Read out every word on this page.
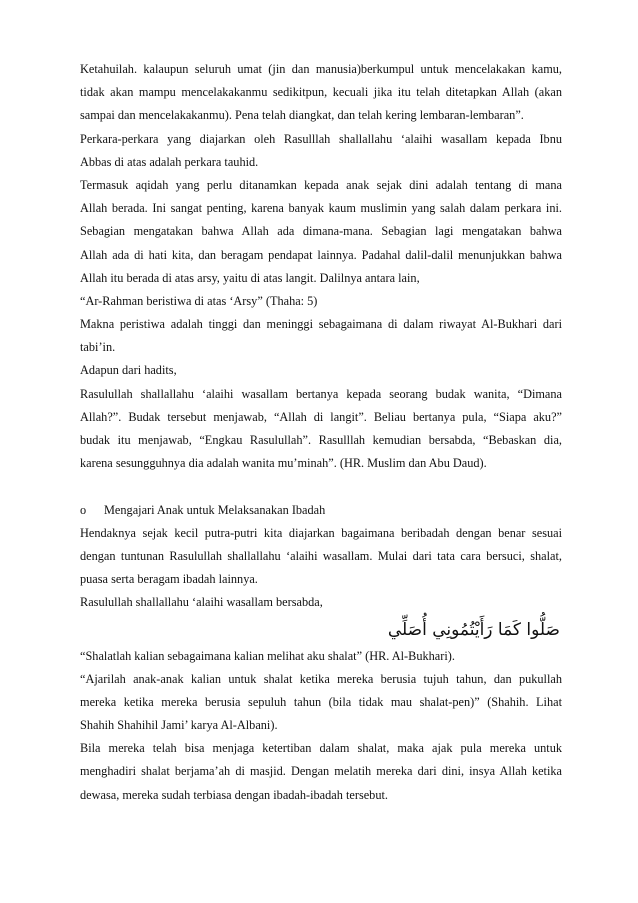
Ketahuilah. kalaupun seluruh umat (jin dan manusia)berkumpul untuk mencelakakan kamu,
tidak akan mampu mencelakakanmu sedikitpun, kecuali jika itu telah ditetapkan Allah (akan
sampai dan mencelakakanmu). Pena telah diangkat, dan telah kering lembaran-lembaran”.
Perkara-perkara yang diajarkan oleh Rasulllah shallallahu ‘alaihi wasallam kepada Ibnu
Abbas di atas adalah perkara tauhid.
Termasuk aqidah yang perlu ditanamkan kepada anak sejak dini adalah tentang di mana
Allah berada. Ini sangat penting, karena banyak kaum muslimin yang salah dalam perkara ini.
Sebagian mengatakan bahwa Allah ada dimana-mana. Sebagian lagi mengatakan bahwa
Allah ada di hati kita, dan beragam pendapat lainnya. Padahal dalil-dalil menunjukkan bahwa
Allah itu berada di atas arsy, yaitu di atas langit. Dalilnya antara lain,
“Ar-Rahman beristiwa di atas ‘Arsy” (Thaha: 5)
Makna peristiwa adalah tinggi dan meninggi sebagaimana di dalam riwayat Al-Bukhari dari
tabi’in.
Adapun dari hadits,
Rasulullah shallallahu ‘alaihi wasallam bertanya kepada seorang budak wanita, “Dimana
Allah?”. Budak tersebut menjawab, “Allah di langit”. Beliau bertanya pula, “Siapa aku?”
budak itu menjawab, “Engkau Rasulullah”. Rasulllah kemudian bersabda, “Bebaskan dia,
karena sesungguhnya dia adalah wanita mu’minah”. (HR. Muslim dan Abu Daud).
o	Mengajari Anak untuk Melaksanakan Ibadah
Hendaknya sejak kecil putra-putri kita diajarkan bagaimana beribadah dengan benar sesuai
dengan tuntunan Rasulullah shallallahu ‘alaihi wasallam. Mulai dari tata cara bersuci, shalat,
puasa serta beragam ibadah lainnya.
Rasulullah shallallahu ‘alaihi wasallam bersabda,
صَلُّوا كَمَا رَأَيْتُمُونِي أُصَلِّي
“Shalatlah kalian sebagaimana kalian melihat aku shalat” (HR. Al-Bukhari).
“Ajarilah anak-anak kalian untuk shalat ketika mereka berusia tujuh tahun, dan pukullah
mereka ketika mereka berusia sepuluh tahun (bila tidak mau shalat-pen)” (Shahih. Lihat
Shahih Shahihil Jami’ karya Al-Albani).
Bila mereka telah bisa menjaga ketertiban dalam shalat, maka ajak pula mereka untuk
menghadiri shalat berjama’ah di masjid. Dengan melatih mereka dari dini, insya Allah ketika
dewasa, mereka sudah terbiasa dengan ibadah-ibadah tersebut.
